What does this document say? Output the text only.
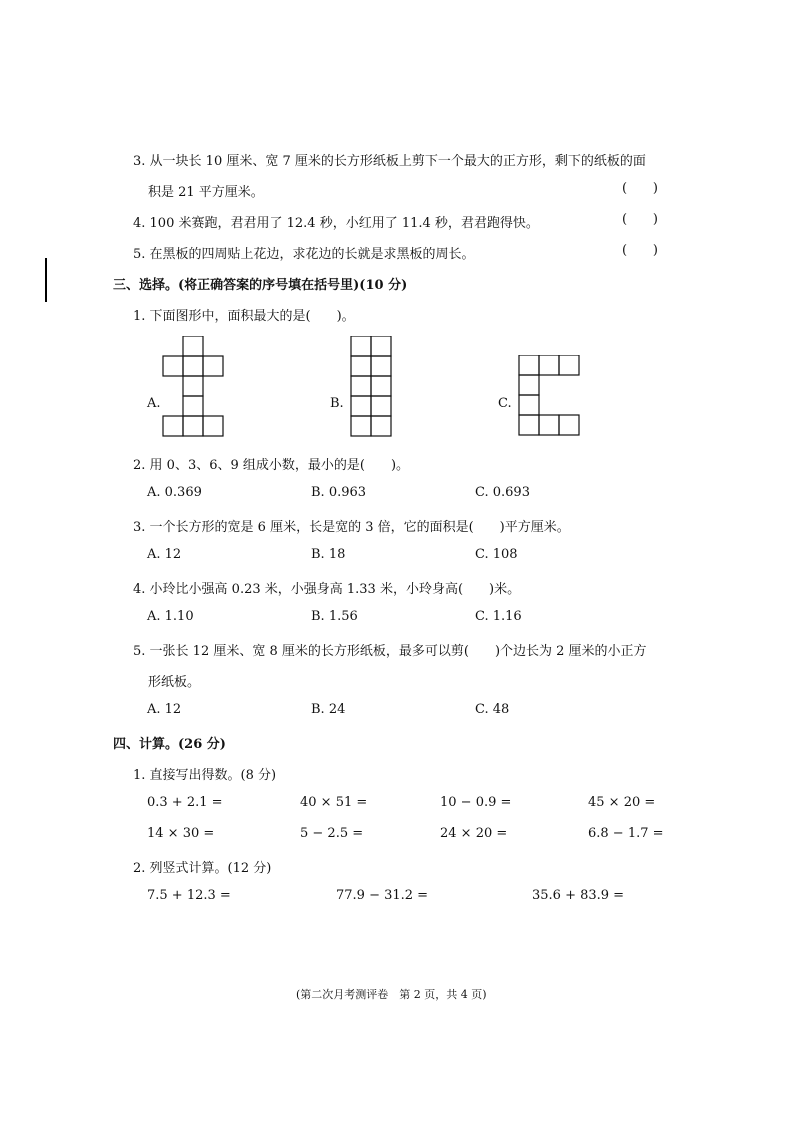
3. 从一块长 10 厘米、宽 7 厘米的长方形纸板上剪下一个最大的正方形，剩下的纸板的面
积是 21 平方厘米。	( )
4. 100 米赛跑，君君用了 12.4 秒，小红用了 11.4 秒，君君跑得快。	( )
5. 在黑板的四周贴上花边，求花边的长就是求黑板的周长。	( )
三、选择。(将正确答案的序号填在括号里)(10 分)
1. 下面图形中，面积最大的是(　　)。
A.	B.	C.
2. 用 0、3、6、9 组成小数，最小的是(　　)。
A. 0.369	B. 0.963	C. 0.693
3. 一个长方形的宽是 6 厘米，长是宽的 3 倍，它的面积是(　　)平方厘米。
A. 12	B. 18	C. 108
4. 小玲比小强高 0.23 米，小强身高 1.33 米，小玲身高(　　)米。
A. 1.10	B. 1.56	C. 1.16
5. 一张长 12 厘米、宽 8 厘米的长方形纸板，最多可以剪(　　)个边长为 2 厘米的小正方
形纸板。
A. 12	B. 24	C. 48
四、计算。(26 分)
1. 直接写出得数。(8 分)
0.3 + 2.1 =	40 × 51 =	10 − 0.9 =	45 × 20 =
14 × 30 =	5 − 2.5 =	24 × 20 =	6.8 − 1.7 =
2. 列竖式计算。(12 分)
7.5 + 12.3 =	77.9 − 31.2 =	35.6 + 83.9 =
(第二次月考测评卷　第 2 页，共 4 页)
